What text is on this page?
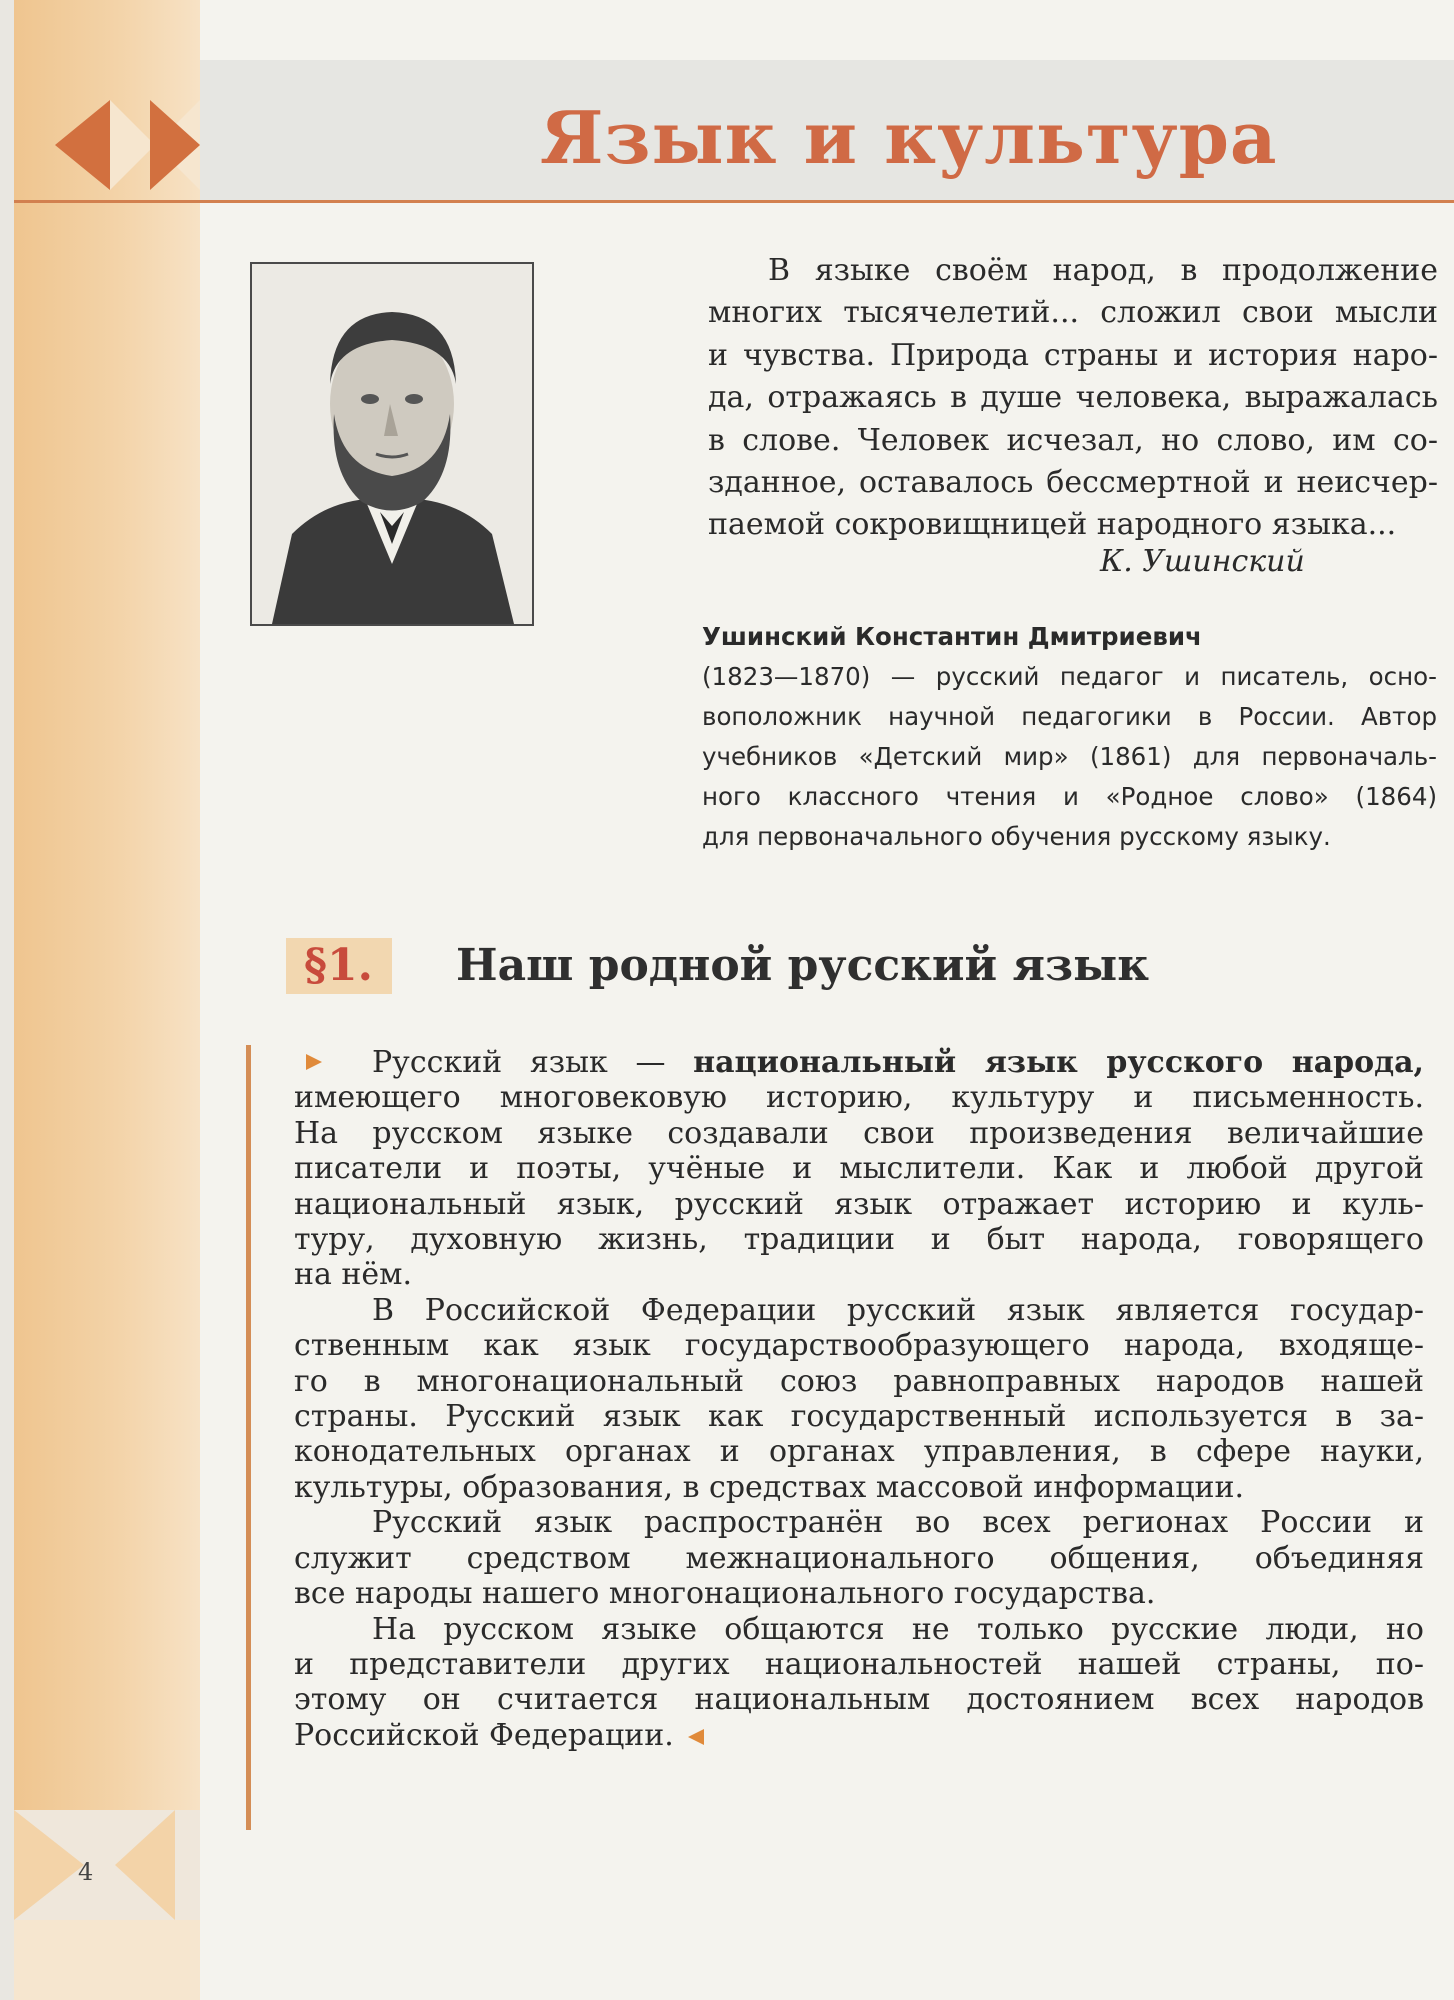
Язык и культура
В языке своём народ, в продолжение
многих тысячелетий... сложил свои мысли
и чувства. Природа страны и история наро-
да, отражаясь в душе человека, выражалась
в слове. Человек исчезал, но слово, им со-
зданное, оставалось бессмертной и неисчер-
паемой сокровищницей народного языка...
К. Ушинский
Ушинский Константин Дмитриевич
(1823—1870) — русский педагог и писатель, осно-
воположник научной педагогики в России. Автор
учебников «Детский мир» (1861) для первоначаль-
ного классного чтения и «Родное слово» (1864)
для первоначального обучения русскому языку.
§1. Наш родной русский язык
Русский язык — национальный язык русского народа,
имеющего многовековую историю, культуру и письменность.
На русском языке создавали свои произведения величайшие
писатели и поэты, учёные и мыслители. Как и любой другой
национальный язык, русский язык отражает историю и куль-
туру, духовную жизнь, традиции и быт народа, говорящего
на нём.
В Российской Федерации русский язык является государ-
ственным как язык государствообразующего народа, входяще-
го в многонациональный союз равноправных народов нашей
страны. Русский язык как государственный используется в за-
конодательных органах и органах управления, в сфере науки,
культуры, образования, в средствах массовой информации.
Русский язык распространён во всех регионах России и
служит средством межнационального общения, объединяя
все народы нашего многонационального государства.
На русском языке общаются не только русские люди, но
и представители других национальностей нашей страны, по-
этому он считается национальным достоянием всех народов
Российской Федерации.
4
